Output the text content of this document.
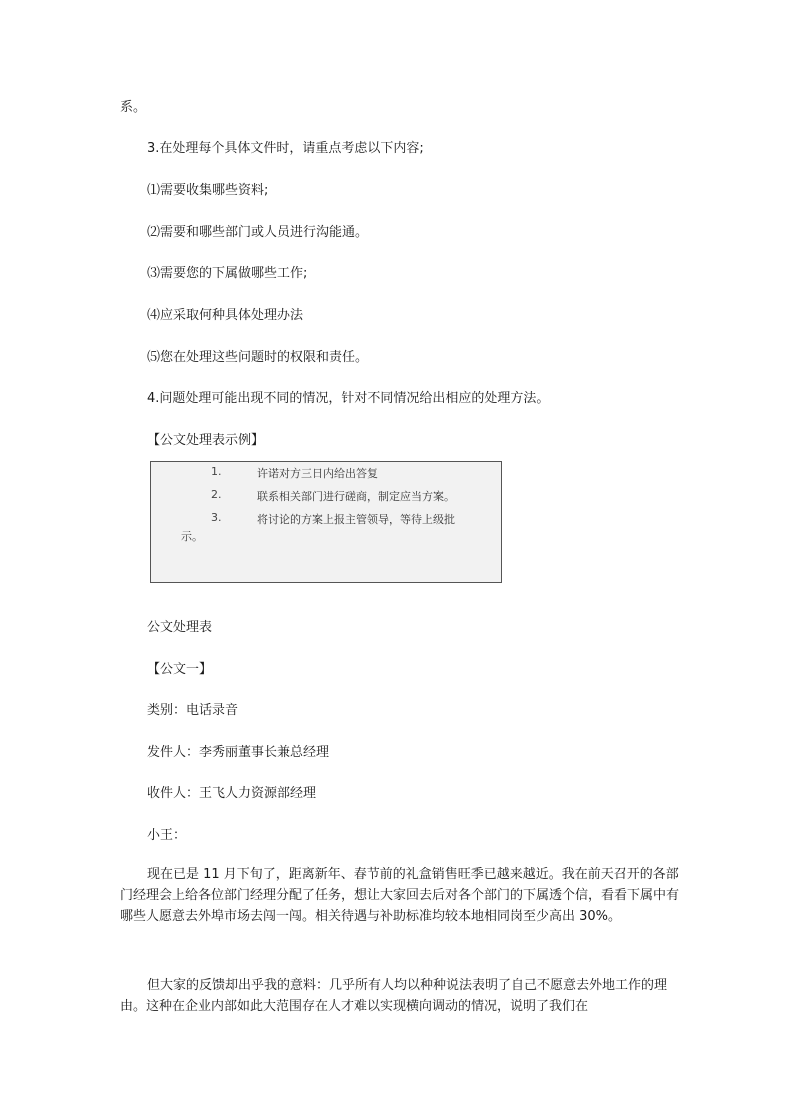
系。

3.在处理每个具体文件时，请重点考虑以下内容;

⑴需要收集哪些资料;

⑵需要和哪些部门或人员进行沟能通。

⑶需要您的下属做哪些工作;

⑷应采取何种具体处理办法

⑸您在处理这些问题时的权限和责任。

4.问题处理可能出现不同的情况，针对不同情况给出相应的处理方法。

【公文处理表示例】

1.	许诺对方三日内给出答复
2.	联系相关部门进行磋商，制定应当方案。
3.	将讨论的方案上报主管领导，等待上级批
示。

公文处理表

【公文一】

类别：电话录音

发件人：李秀丽董事长兼总经理

收件人：王飞人力资源部经理

小王：

现在已是 11 月下旬了，距离新年、春节前的礼盒销售旺季已越来越近。我在前天召开的各部门经理会上给各位部门经理分配了任务，想让大家回去后对各个部门的下属透个信，看看下属中有哪些人愿意去外埠市场去闯一闯。相关待遇与补助标准均较本地相同岗至少高出 30%。

但大家的反馈却出乎我的意料：几乎所有人均以种种说法表明了自己不愿意去外地工作的理由。这种在企业内部如此大范围存在人才难以实现横向调动的情况，说明了我们在
